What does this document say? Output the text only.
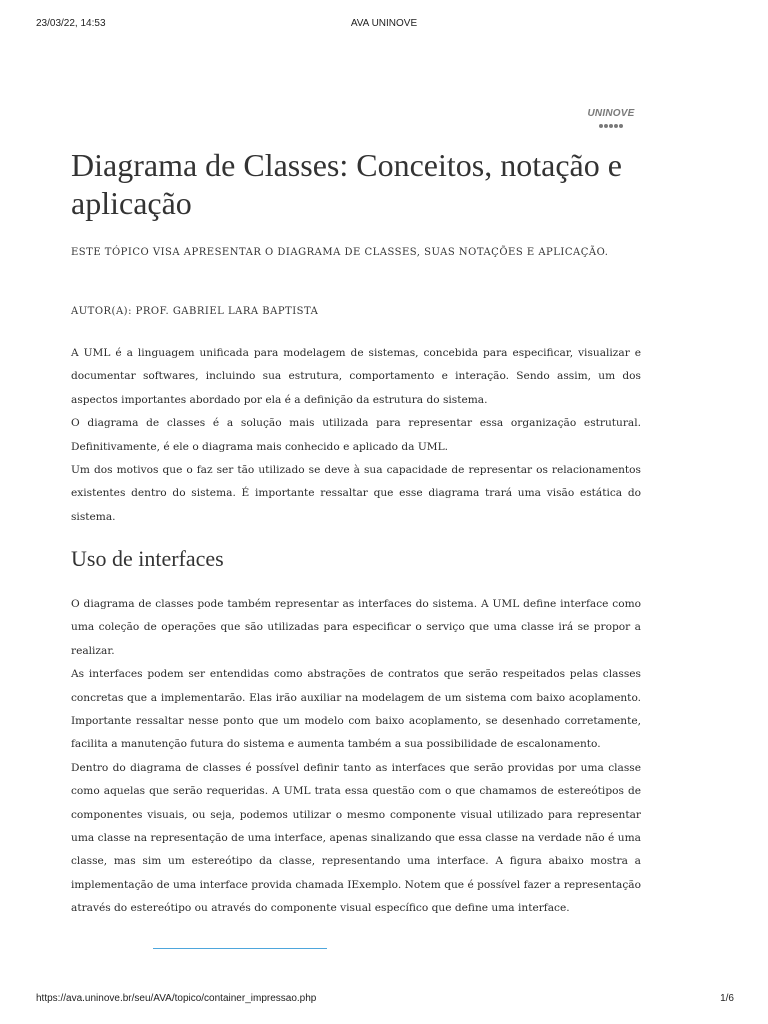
23/03/22, 14:53	AVA UNINOVE
UNINOVE
Diagrama de Classes: Conceitos, notação e aplicação
ESTE TÓPICO VISA APRESENTAR O DIAGRAMA DE CLASSES, SUAS NOTAÇÕES E APLICAÇÃO.
AUTOR(A): PROF. GABRIEL LARA BAPTISTA

A UML é a linguagem unificada para modelagem de sistemas, concebida para especificar, visualizar e documentar softwares, incluindo sua estrutura, comportamento e interação. Sendo assim, um dos aspectos importantes abordado por ela é a definição da estrutura do sistema.

O diagrama de classes é a solução mais utilizada para representar essa organização estrutural. Definitivamente, é ele o diagrama mais conhecido e aplicado da UML.

Um dos motivos que o faz ser tão utilizado se deve à sua capacidade de representar os relacionamentos existentes dentro do sistema. É importante ressaltar que esse diagrama trará uma visão estática do sistema.

Uso de interfaces

O diagrama de classes pode também representar as interfaces do sistema. A UML define interface como uma coleção de operações que são utilizadas para especificar o serviço que uma classe irá se propor a realizar.

As interfaces podem ser entendidas como abstrações de contratos que serão respeitados pelas classes concretas que a implementarão. Elas irão auxiliar na modelagem de um sistema com baixo acoplamento. Importante ressaltar nesse ponto que um modelo com baixo acoplamento, se desenhado corretamente, facilita a manutenção futura do sistema e aumenta também a sua possibilidade de escalonamento.

Dentro do diagrama de classes é possível definir tanto as interfaces que serão providas por uma classe como aquelas que serão requeridas. A UML trata essa questão com o que chamamos de estereótipos de componentes visuais, ou seja, podemos utilizar o mesmo componente visual utilizado para representar uma classe na representação de uma interface, apenas sinalizando que essa classe na verdade não é uma classe, mas sim um estereótipo da classe, representando uma interface. A figura abaixo mostra a implementação de uma interface provida chamada IExemplo. Notem que é possível fazer a representação através do estereótipo ou através do componente visual específico que define uma interface.

https://ava.uninove.br/seu/AVA/topico/container_impressao.php	1/6
